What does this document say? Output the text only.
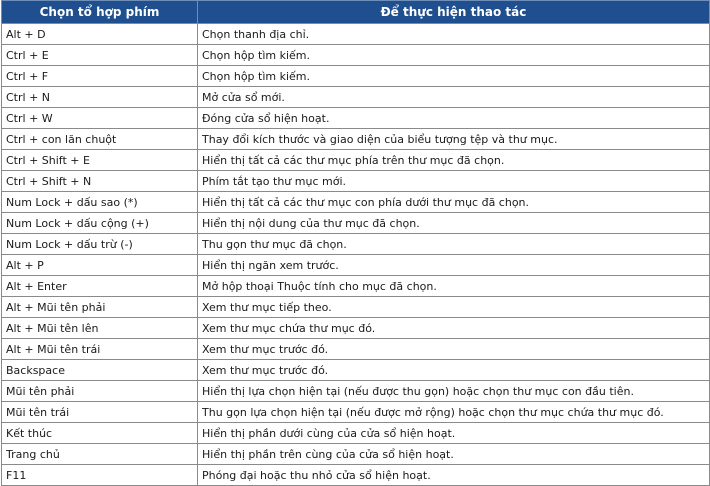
Chọn tổ hợp phím	Để thực hiện thao tác
Alt + D	Chọn thanh địa chỉ.
Ctrl + E	Chọn hộp tìm kiếm.
Ctrl + F	Chọn hộp tìm kiếm.
Ctrl + N	Mở cửa sổ mới.
Ctrl + W	Đóng cửa sổ hiện hoạt.
Ctrl + con lăn chuột	Thay đổi kích thước và giao diện của biểu tượng tệp và thư mục.
Ctrl + Shift + E	Hiển thị tất cả các thư mục phía trên thư mục đã chọn.
Ctrl + Shift + N	Phím tắt tạo thư mục mới.
Num Lock + dấu sao (*)	Hiển thị tất cả các thư mục con phía dưới thư mục đã chọn.
Num Lock + dấu cộng (+)	Hiển thị nội dung của thư mục đã chọn.
Num Lock + dấu trừ (-)	Thu gọn thư mục đã chọn.
Alt + P	Hiển thị ngăn xem trước.
Alt + Enter	Mở hộp thoại Thuộc tính cho mục đã chọn.
Alt + Mũi tên phải	Xem thư mục tiếp theo.
Alt + Mũi tên lên	Xem thư mục chứa thư mục đó.
Alt + Mũi tên trái	Xem thư mục trước đó.
Backspace	Xem thư mục trước đó.
Mũi tên phải	Hiển thị lựa chọn hiện tại (nếu được thu gọn) hoặc chọn thư mục con đầu tiên.
Mũi tên trái	Thu gọn lựa chọn hiện tại (nếu được mở rộng) hoặc chọn thư mục chứa thư mục đó.
Kết thúc	Hiển thị phần dưới cùng của cửa sổ hiện hoạt.
Trang chủ	Hiển thị phần trên cùng của cửa sổ hiện hoạt.
F11	Phóng đại hoặc thu nhỏ cửa sổ hiện hoạt.
